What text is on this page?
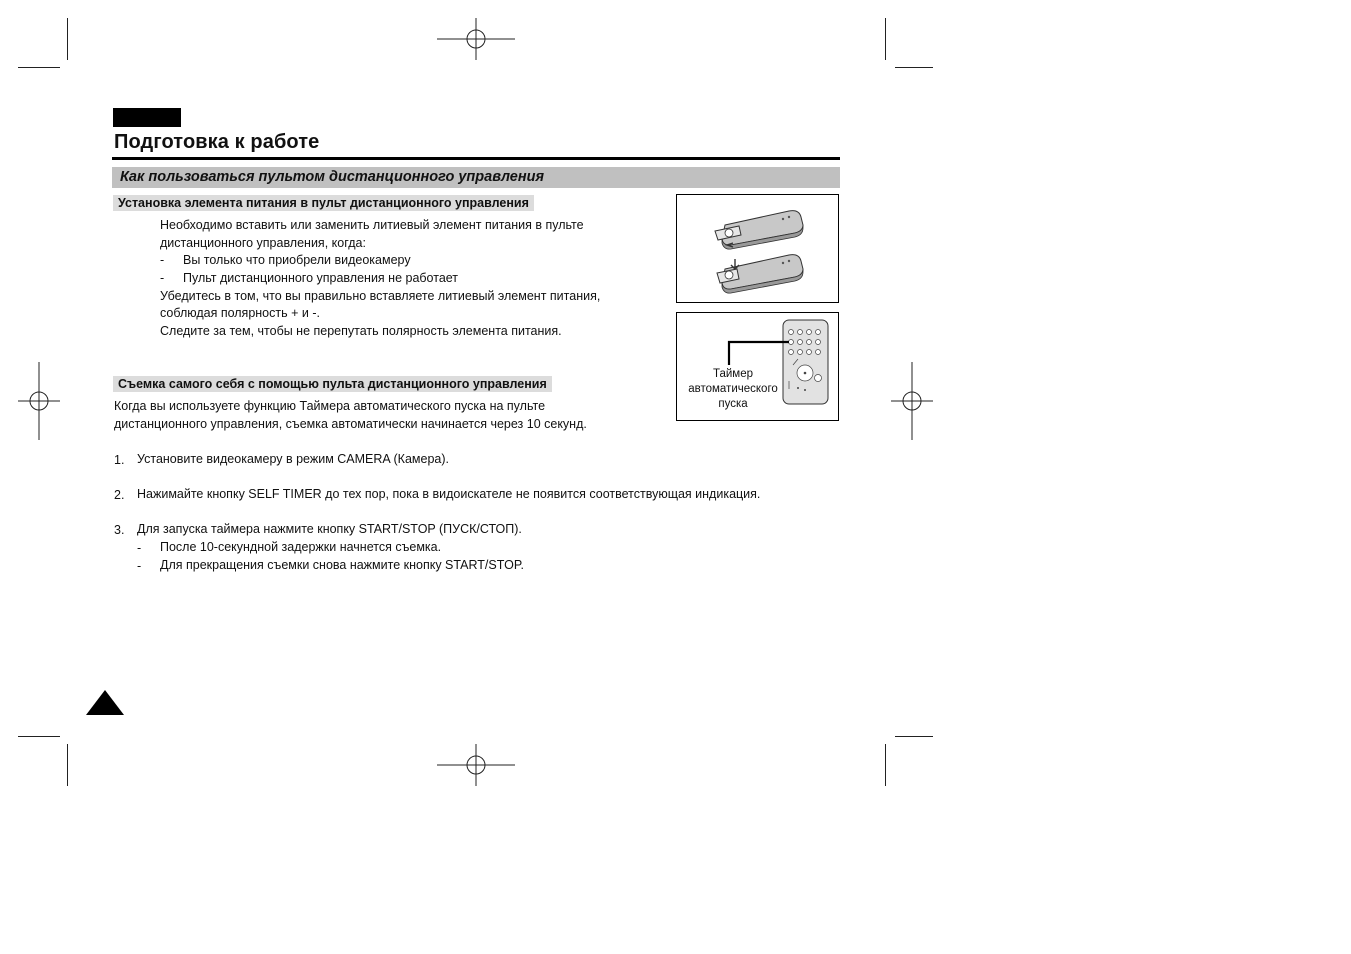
Подготовка к работе
Как пользоваться пультом дистанционного управления
Установка элемента питания в пульт дистанционного управления
Необходимо вставить или заменить литиевый элемент питания в пульте
дистанционного управления, когда:
- Вы только что приобрели видеокамеру
- Пульт дистанционного управления не работает
Убедитесь в том, что вы правильно вставляете литиевый элемент питания,
соблюдая полярность + и -.
Следите за тем, чтобы не перепутать полярность элемента питания.
Съемка самого себя с помощью пульта дистанционного управления
Когда вы используете функцию Таймера автоматического пуска на пульте
дистанционного управления, съемка автоматически начинается через 10 секунд.
1. Установите видеокамеру в режим CAMERA (Камера).
2. Нажимайте кнопку SELF TIMER до тех пор, пока в видоискателе не появится соответствующая индикация.
3. Для запуска таймера нажмите кнопку START/STOP (ПУСК/СТОП).
- После 10-секундной задержки начнется съемка.
- Для прекращения съемки снова нажмите кнопку START/STOP.
Таймер
автоматического
пуска
